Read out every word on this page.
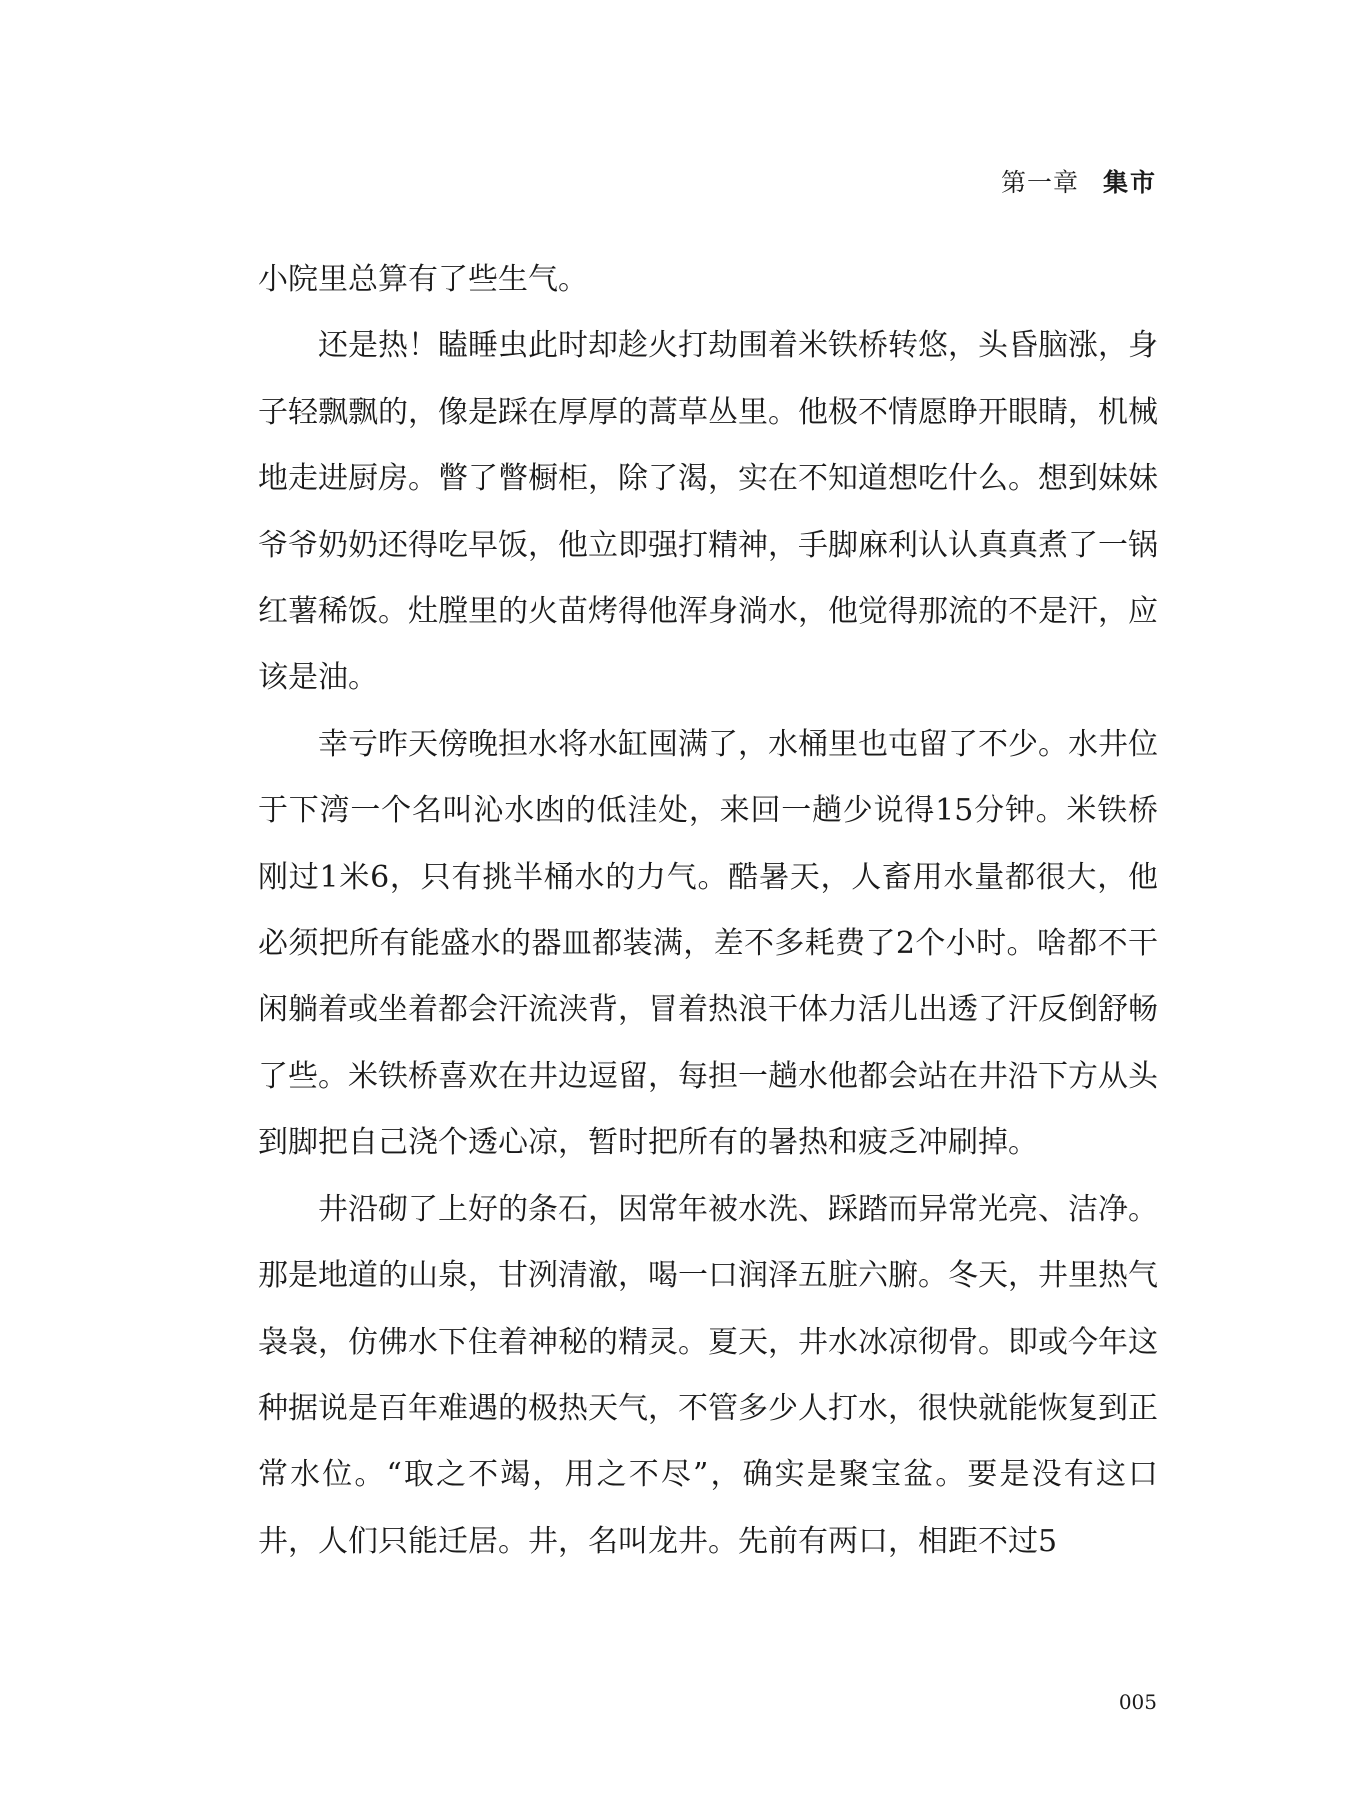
第一章 集市

小院里总算有了些生气。

还是热！瞌睡虫此时却趁火打劫围着米铁桥转悠，头昏脑涨，身子轻飘飘的，像是踩在厚厚的蒿草丛里。他极不情愿睁开眼睛，机械地走进厨房。瞥了瞥橱柜，除了渴，实在不知道想吃什么。想到妹妹爷爷奶奶还得吃早饭，他立即强打精神，手脚麻利认认真真煮了一锅红薯稀饭。灶膛里的火苗烤得他浑身淌水，他觉得那流的不是汗，应该是油。

幸亏昨天傍晚担水将水缸囤满了，水桶里也屯留了不少。水井位于下湾一个名叫沁水凼的低洼处，来回一趟少说得15分钟。米铁桥刚过1米6，只有挑半桶水的力气。酷暑天，人畜用水量都很大，他必须把所有能盛水的器皿都装满，差不多耗费了2个小时。啥都不干闲躺着或坐着都会汗流浃背，冒着热浪干体力活儿出透了汗反倒舒畅了些。米铁桥喜欢在井边逗留，每担一趟水他都会站在井沿下方从头到脚把自己浇个透心凉，暂时把所有的暑热和疲乏冲刷掉。

井沿砌了上好的条石，因常年被水洗、踩踏而异常光亮、洁净。那是地道的山泉，甘洌清澈，喝一口润泽五脏六腑。冬天，井里热气袅袅，仿佛水下住着神秘的精灵。夏天，井水冰凉彻骨。即或今年这种据说是百年难遇的极热天气，不管多少人打水，很快就能恢复到正常水位。“取之不竭，用之不尽”，确实是聚宝盆。要是没有这口井，人们只能迁居。井，名叫龙井。先前有两口，相距不过5

005
